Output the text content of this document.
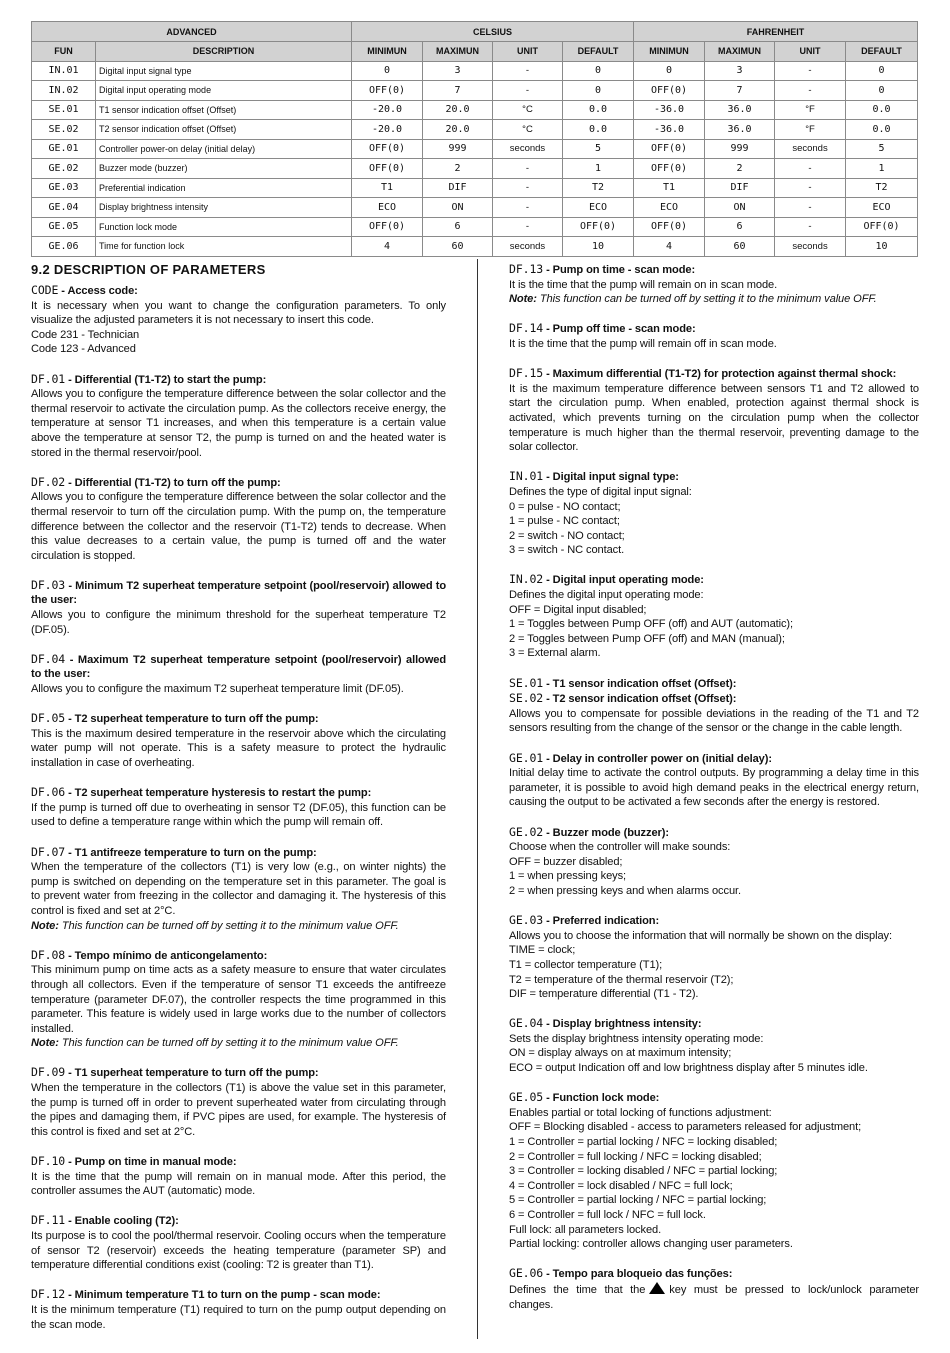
ADVANCED		CELSIUS				FAHRENHEIT			
FUN	DESCRIPTION	MINIMUN	MAXIMUN	UNIT	DEFAULT	MINIMUN	MAXIMUN	UNIT	DEFAULT
IN.01	Digital input signal type	0	3	-	0	0	3	-	0
IN.02	Digital input operating mode	OFF(0)	7	-	0	OFF(0)	7	-	0
SE.01	T1 sensor indication offset (Offset)	-20.0	20.0	°C	0.0	-36.0	36.0	°F	0.0
SE.02	T2 sensor indication offset (Offset)	-20.0	20.0	°C	0.0	-36.0	36.0	°F	0.0
GE.01	Controller power-on delay (initial delay)	OFF(0)	999	seconds	5	OFF(0)	999	seconds	5
GE.02	Buzzer mode (buzzer)	OFF(0)	2	-	1	OFF(0)	2	-	1
GE.03	Preferential indication	T1	DIF	-	T2	T1	DIF	-	T2
GE.04	Display brightness intensity	ECO	ON	-	ECO	ECO	ON	-	ECO
GE.05	Function lock mode	OFF(0)	6	-	OFF(0)	OFF(0)	6	-	OFF(0)
GE.06	Time for function lock	4	60	seconds	10	4	60	seconds	10
9.2 DESCRIPTION OF PARAMETERS
CODE - Access code:

It is necessary when you want to change the configuration parameters. To only visualize the adjusted parameters it is not necessary to insert this code.

Code 231 - Technician

Code 123 - Advanced

DF.01 - Differential (T1-T2) to start the pump:

Allows you to configure the temperature difference between the solar collector and the thermal reservoir to activate the circulation pump. As the collectors receive energy, the temperature at sensor T1 increases, and when this temperature is a certain value above the temperature at sensor T2, the pump is turned on and the heated water is stored in the thermal reservoir/pool.

DF.02 - Differential (T1-T2) to turn off the pump:

Allows you to configure the temperature difference between the solar collector and the thermal reservoir to turn off the circulation pump. With the pump on, the temperature difference between the collector and the reservoir (T1-T2) tends to decrease. When this value decreases to a certain value, the pump is turned off and the water circulation is stopped.

DF.03 - Minimum T2 superheat temperature setpoint (pool/reservoir) allowed to the user:

Allows you to configure the minimum threshold for the superheat temperature T2 (DF.05).

DF.04 - Maximum T2 superheat temperature setpoint (pool/reservoir) allowed to the user:

Allows you to configure the maximum T2 superheat temperature limit (DF.05).

DF.05 - T2 superheat temperature to turn off the pump:

This is the maximum desired temperature in the reservoir above which the circulating water pump will not operate. This is a safety measure to protect the hydraulic installation in case of overheating.

DF.06 - T2 superheat temperature hysteresis to restart the pump:

If the pump is turned off due to overheating in sensor T2 (DF.05), this function can be used to define a temperature range within which the pump will remain off.

DF.07 - T1 antifreeze temperature to turn on the pump:

When the temperature of the collectors (T1) is very low (e.g., on winter nights) the pump is switched on depending on the temperature set in this parameter. The goal is to prevent water from freezing in the collector and damaging it. The hysteresis of this control is fixed and set at 2°C.

Note: This function can be turned off by setting it to the minimum value OFF.

DF.08 - Tempo mínimo de anticongelamento:

This minimum pump on time acts as a safety measure to ensure that water circulates through all collectors. Even if the temperature of sensor T1 exceeds the antifreeze temperature (parameter DF.07), the controller respects the time programmed in this parameter. This feature is widely used in large works due to the number of collectors installed.

Note: This function can be turned off by setting it to the minimum value OFF.

DF.09 - T1 superheat temperature to turn off the pump:

When the temperature in the collectors (T1) is above the value set in this parameter, the pump is turned off in order to prevent superheated water from circulating through the pipes and damaging them, if PVC pipes are used, for example. The hysteresis of this control is fixed and set at 2°C.

DF.10 - Pump on time in manual mode:

It is the time that the pump will remain on in manual mode. After this period, the controller assumes the AUT (automatic) mode.

DF.11 - Enable cooling (T2):

Its purpose is to cool the pool/thermal reservoir. Cooling occurs when the temperature of sensor T2 (reservoir) exceeds the heating temperature (parameter SP) and temperature differential conditions exist (cooling: T2 is greater than T1).

DF.12 - Minimum temperature T1 to turn on the pump - scan mode:

It is the minimum temperature (T1) required to turn on the pump output depending on the scan mode.

DF.13 - Pump on time - scan mode:

It is the time that the pump will remain on in scan mode.

Note: This function can be turned off by setting it to the minimum value OFF.

DF.14 - Pump off time - scan mode:

It is the time that the pump will remain off in scan mode.

DF.15 - Maximum differential (T1-T2) for protection against thermal shock:

It is the maximum temperature difference between sensors T1 and T2 allowed to start the circulation pump. When enabled, protection against thermal shock is activated, which prevents turning on the circulation pump when the collector temperature is much higher than the thermal reservoir, preventing damage to the solar collector.

IN.01 - Digital input signal type:

Defines the type of digital input signal:

0 = pulse - NO contact;

1 = pulse - NC contact;

2 = switch - NO contact;

3 = switch - NC contact.

IN.02 - Digital input operating mode:

Defines the digital input operating mode:

OFF = Digital input disabled;

1 = Toggles between Pump OFF (off) and AUT (automatic);

2 = Toggles between Pump OFF (off) and MAN (manual);

3 = External alarm.

SE.01 - T1 sensor indication offset (Offset):
SE.02 - T2 sensor indication offset (Offset):

Allows you to compensate for possible deviations in the reading of the T1 and T2 sensors resulting from the change of the sensor or the change in the cable length.

GE.01 - Delay in controller power on (initial delay):

Initial delay time to activate the control outputs. By programming a delay time in this parameter, it is possible to avoid high demand peaks in the electrical energy return, causing the output to be activated a few seconds after the energy is restored.

GE.02 - Buzzer mode (buzzer):

Choose when the controller will make sounds:

OFF = buzzer disabled;

1 = when pressing keys;

2 = when pressing keys and when alarms occur.

GE.03 - Preferred indication:

Allows you to choose the information that will normally be shown on the display:

TIME = clock;

T1 = collector temperature (T1);

T2 = temperature of the thermal reservoir (T2);

DIF = temperature differential (T1 - T2).

GE.04 - Display brightness intensity:

Sets the display brightness intensity operating mode:

ON = display always on at maximum intensity;

ECO = output Indication off and low brightness display after 5 minutes idle.

GE.05 - Function lock mode:

Enables partial or total locking of functions adjustment:

OFF = Blocking disabled - access to parameters released for adjustment;

1 = Controller = partial locking / NFC = locking disabled;

2 = Controller = full locking / NFC = locking disabled;

3 = Controller = locking disabled / NFC = partial locking;

4 = Controller = lock disabled / NFC = full lock;

5 = Controller = partial locking / NFC = partial locking;

6 = Controller = full lock / NFC = full lock.

Full lock: all parameters locked.

Partial locking: controller allows changing user parameters.

GE.06 - Tempo para bloqueio das funções:

Defines the time that the key must be pressed to lock/unlock parameter changes.
